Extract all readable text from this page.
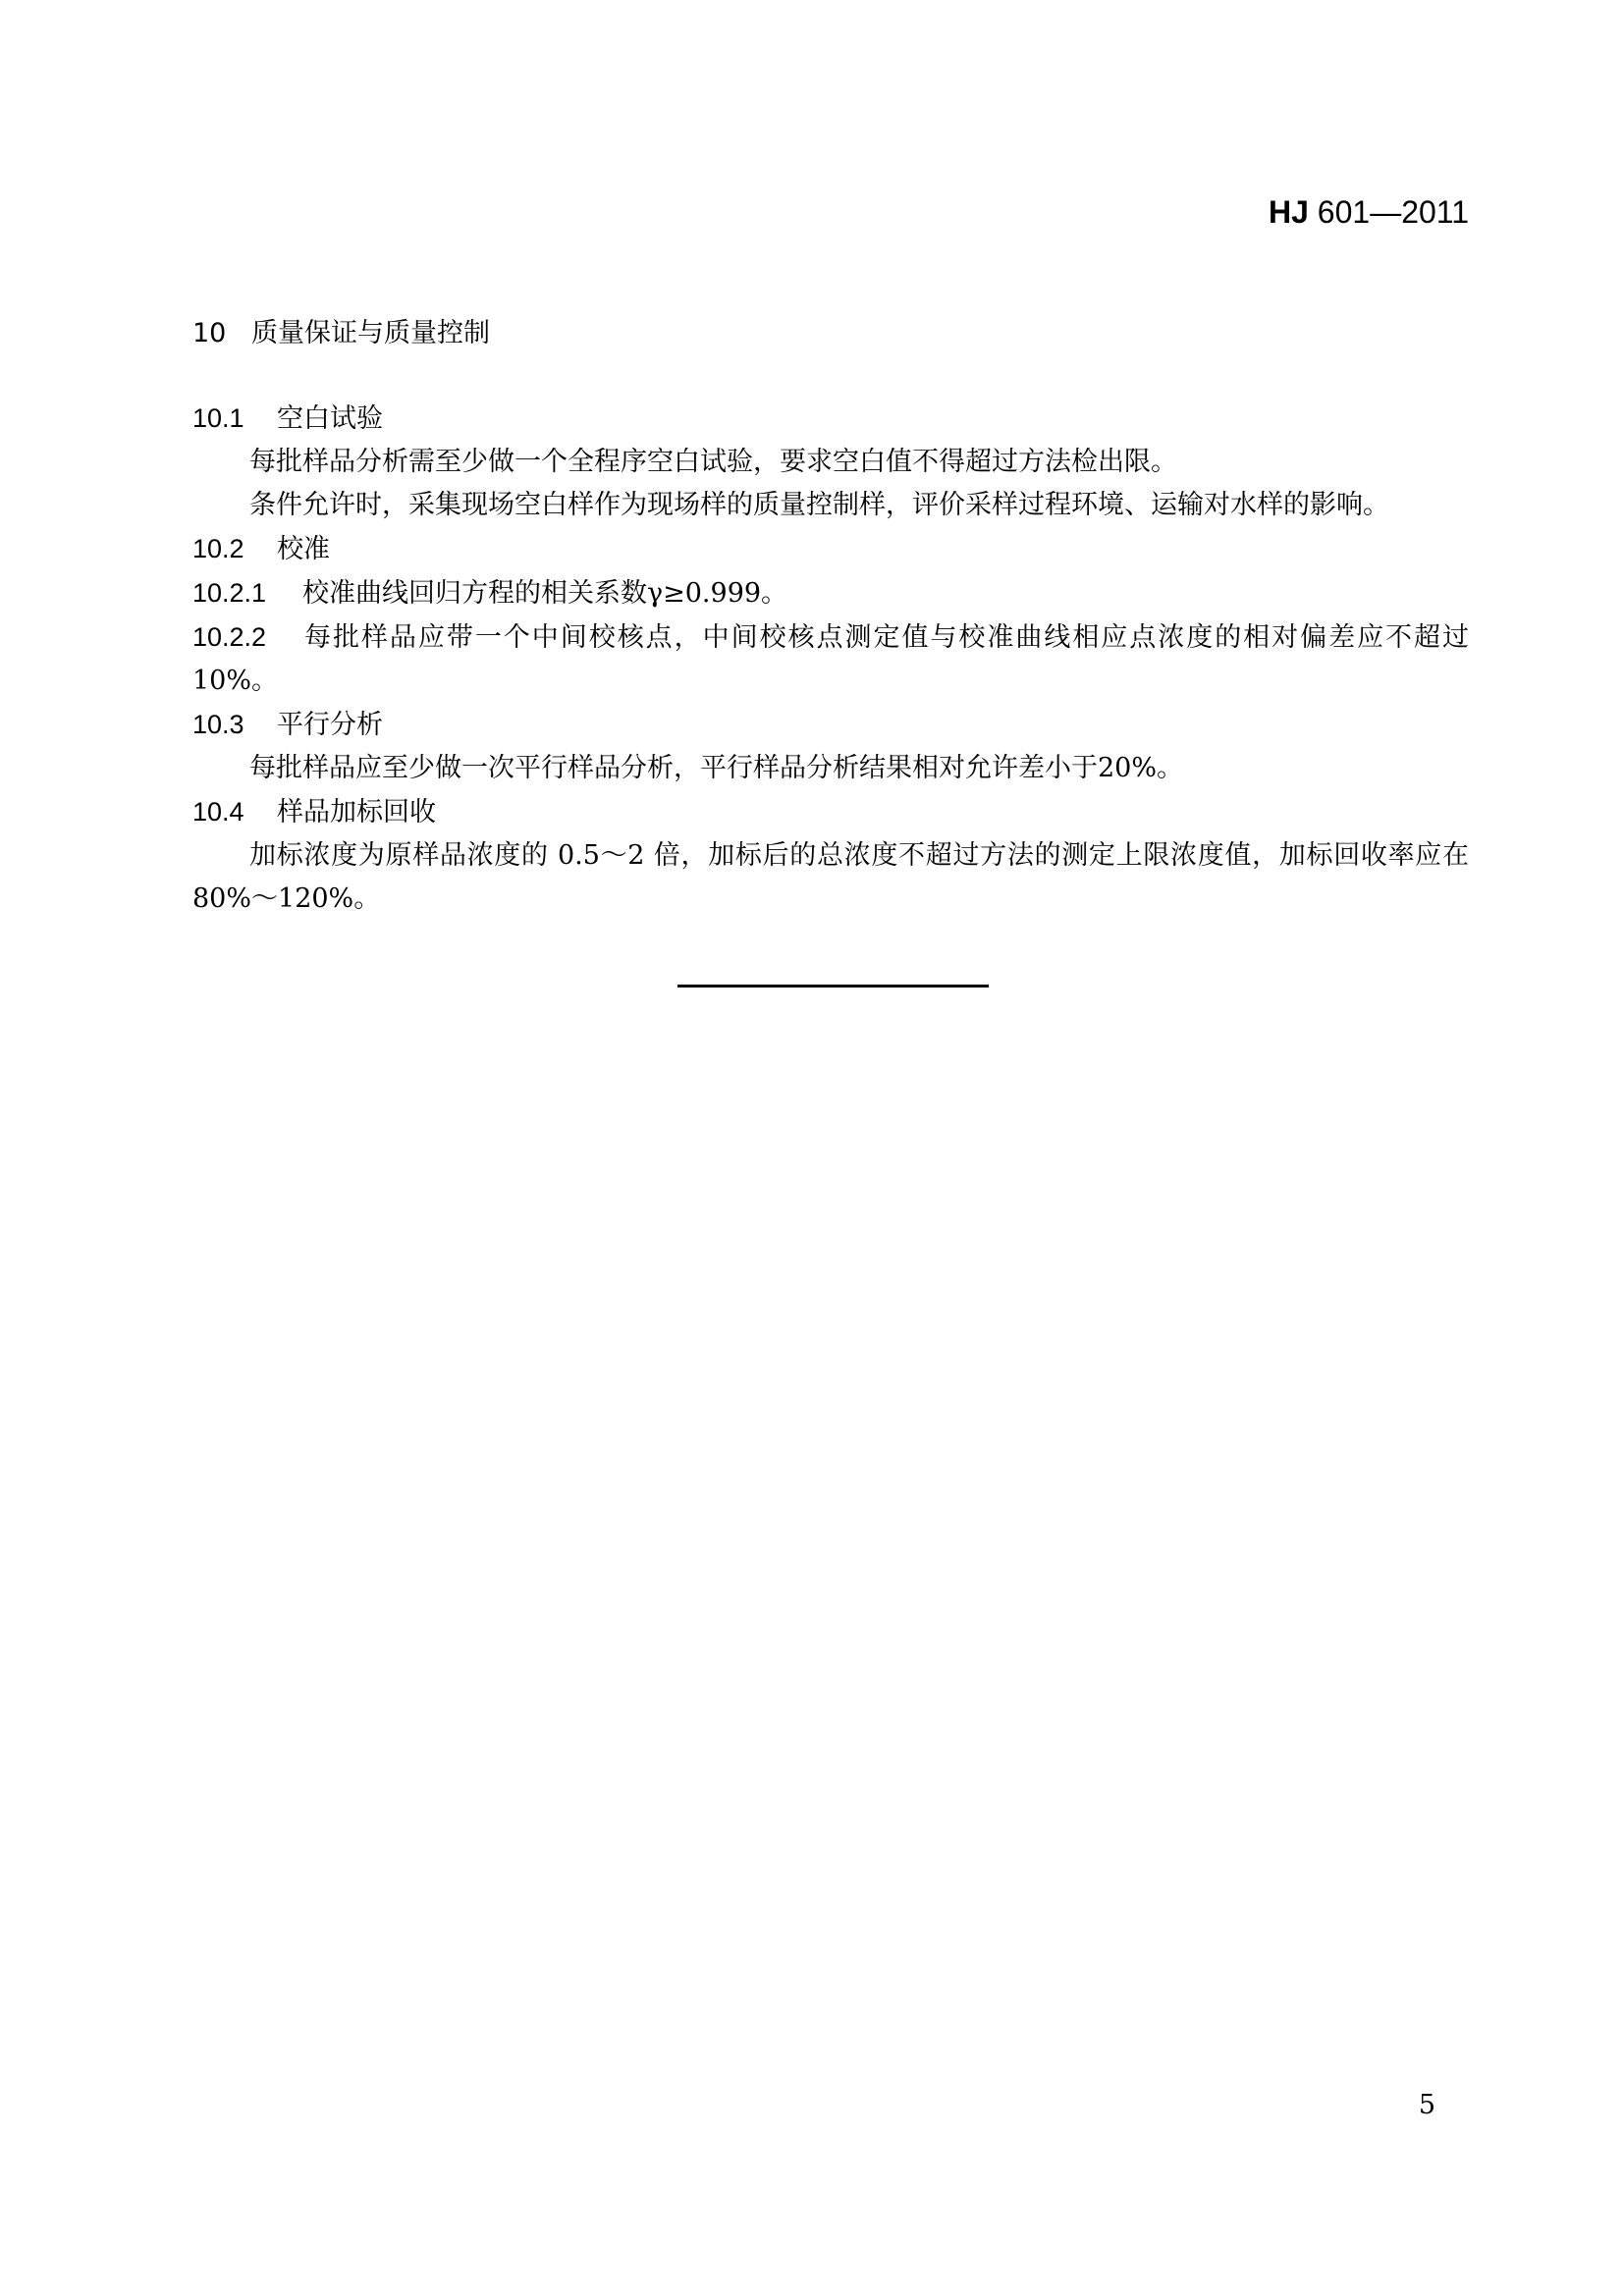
HJ 601—2011
10 质量保证与质量控制
10.1 空白试验
每批样品分析需至少做一个全程序空白试验，要求空白值不得超过方法检出限。
条件允许时，采集现场空白样作为现场样的质量控制样，评价采样过程环境、运输对水样的影响。
10.2 校准
10.2.1 校准曲线回归方程的相关系数γ≥0.999。
10.2.2 每批样品应带一个中间校核点，中间校核点测定值与校准曲线相应点浓度的相对偏差应不超过10%。
10.3 平行分析
每批样品应至少做一次平行样品分析，平行样品分析结果相对允许差小于20%。
10.4 样品加标回收
加标浓度为原样品浓度的 0.5～2 倍，加标后的总浓度不超过方法的测定上限浓度值，加标回收率应在 80%～120%。
5
